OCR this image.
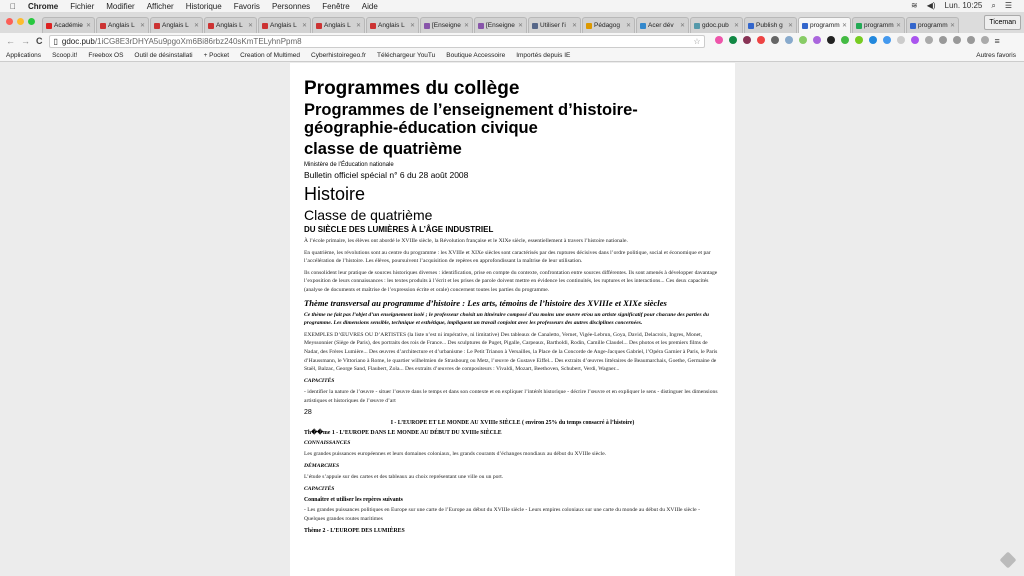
Chrome Fichier Modifier Afficher Historique Favoris Personnes Fenêtre Aide	≋ ◀) Lun. 10:25 ⌕ ☰
Académie ✕	Anglais L ✕	Anglais L ✕	Anglais L ✕	Anglais L ✕	Anglais L ✕	Anglais L ✕	[Enseigne ✕	[Enseigne ✕	Utiliser l'i	✕	Pédagog ✕	Acer dév	✕	gdoc.pub ✕	Publish g ✕	programm ✕	programm ✕	programm ✕	Ticeman
← → C ▯ gdoc.pub/1iCG8E3rDHYA5u9pgoXm6Bi86rbz240sKmTELyhnPpm8	☆	≡
Applications Scoop.it! Freebox OS Outil de désinstallati + Pocket Creation of Multimed Cyberhistoiregeo.fr Téléchargeur YouTu Boutique Accessoire Importés depuis IE	Autres favoris
Programmes du collège
Programmes de l’enseignement d’histoire-
géographie-éducation civique
classe de quatrième
Ministère de l’Éducation nationale
Bulletin officiel spécial n° 6 du 28 août 2008
Histoire
Classe de quatrième
DU SIÈCLE DES LUMIÈRES À L’ÂGE INDUSTRIEL
À l’école primaire, les élèves ont abordé le XVIIIe siècle, la Révolution française et le XIXe siècle, essentiellement à travers l’histoire nationale.
En quatrième, les révolutions sont au centre du programme : les XVIIIe et XIXe siècles sont caractérisés par des ruptures décisives dans l’ordre politique, social et économique et par l’accélération de l’histoire. Les élèves, poursuivent l’acquisition de repères en approfondissant la maîtrise de leur utilisation.
Ils consolident leur pratique de sources historiques diverses : identification, prise en compte du contexte, confrontation entre sources différentes. Ils sont amenés à développer davantage l’exposition de leurs connaissances : les textes produits à l’écrit et les prises de parole doivent mettre en évidence les continuités, les ruptures et les interactions... Ces deux capacités (analyse de documents et maîtrise de l’expression écrite et orale) concernent toutes les parties du programme.
Thème transversal au programme d’histoire : Les arts, témoins de l’histoire des XVIIIe et XIXe siècles
Ce thème ne fait pas l’objet d’un enseignement isolé ; le professeur choisit un itinéraire composé d’au moins une œuvre et/ou un artiste significatif pour chacune des parties du programme. Les dimensions sensible, technique et esthétique, impliquent un travail conjoint avec les professeurs des autres disciplines concernées.
EXEMPLES D’ŒUVRES OU D’ARTISTES (la liste n’est ni impérative, ni limitative) Des tableaux de Canaletto, Vernet, Vigée-Lebrun, Goya, David, Delacroix, Ingres, Monet, Meyssonnier (Siège de Paris), des portraits des rois de France... Des sculptures de Puget, Pigalle, Carpeaux, Bartholdi, Rodin, Camille Claudel... Des photos et les premiers films de Nadar, des Frères Lumière... Des œuvres d’architecture et d’urbanisme : Le Petit Trianon à Versailles, la Place de la Concorde de Ange-Jacques Gabriel, l’Opéra Garnier à Paris, le Paris d’Haussmann, le Vittoriano à Rome, le quartier wilhelmien de Strasbourg ou Metz, l’œuvre de Gustave Eiffel... Des extraits d’œuvres littéraires de Beaumarchais, Goethe, Germaine de Staël, Balzac, George Sand, Flaubert, Zola... Des extraits d’œuvres de compositeurs : Vivaldi, Mozart, Beethoven, Schubert, Verdi, Wagner...
CAPACITÉS
- identifier la nature de l’œuvre - situer l’œuvre dans le temps et dans son contexte et en expliquer l’intérêt historique - décrire l’œuvre et en expliquer le sens - distinguer les dimensions artistiques et historiques de l’œuvre d’art
28
I - L’EUROPE ET LE MONDE AU XVIIIe SIÈCLE ( environ 25% du temps consacré à l’histoire)
Th��me 1 - L’EUROPE DANS LE MONDE AU DÉBUT DU XVIIIe SIÈCLE
CONNAISSANCES
Les grandes puissances européennes et leurs domaines coloniaux, les grands courants d’échanges mondiaux au début du XVIIIe siècle.
DÉMARCHES
L’étude s’appuie sur des cartes et des tableaux au choix représentant une ville ou un port.
CAPACITÉS
Connaître et utiliser les repères suivants
- Les grandes puissances politiques en Europe sur une carte de l’Europe au début du XVIIIe siècle - Leurs empires coloniaux sur une carte du monde au début du XVIIIe siècle - Quelques grandes routes maritimes
Thème 2 - L’EUROPE DES LUMIÈRES
